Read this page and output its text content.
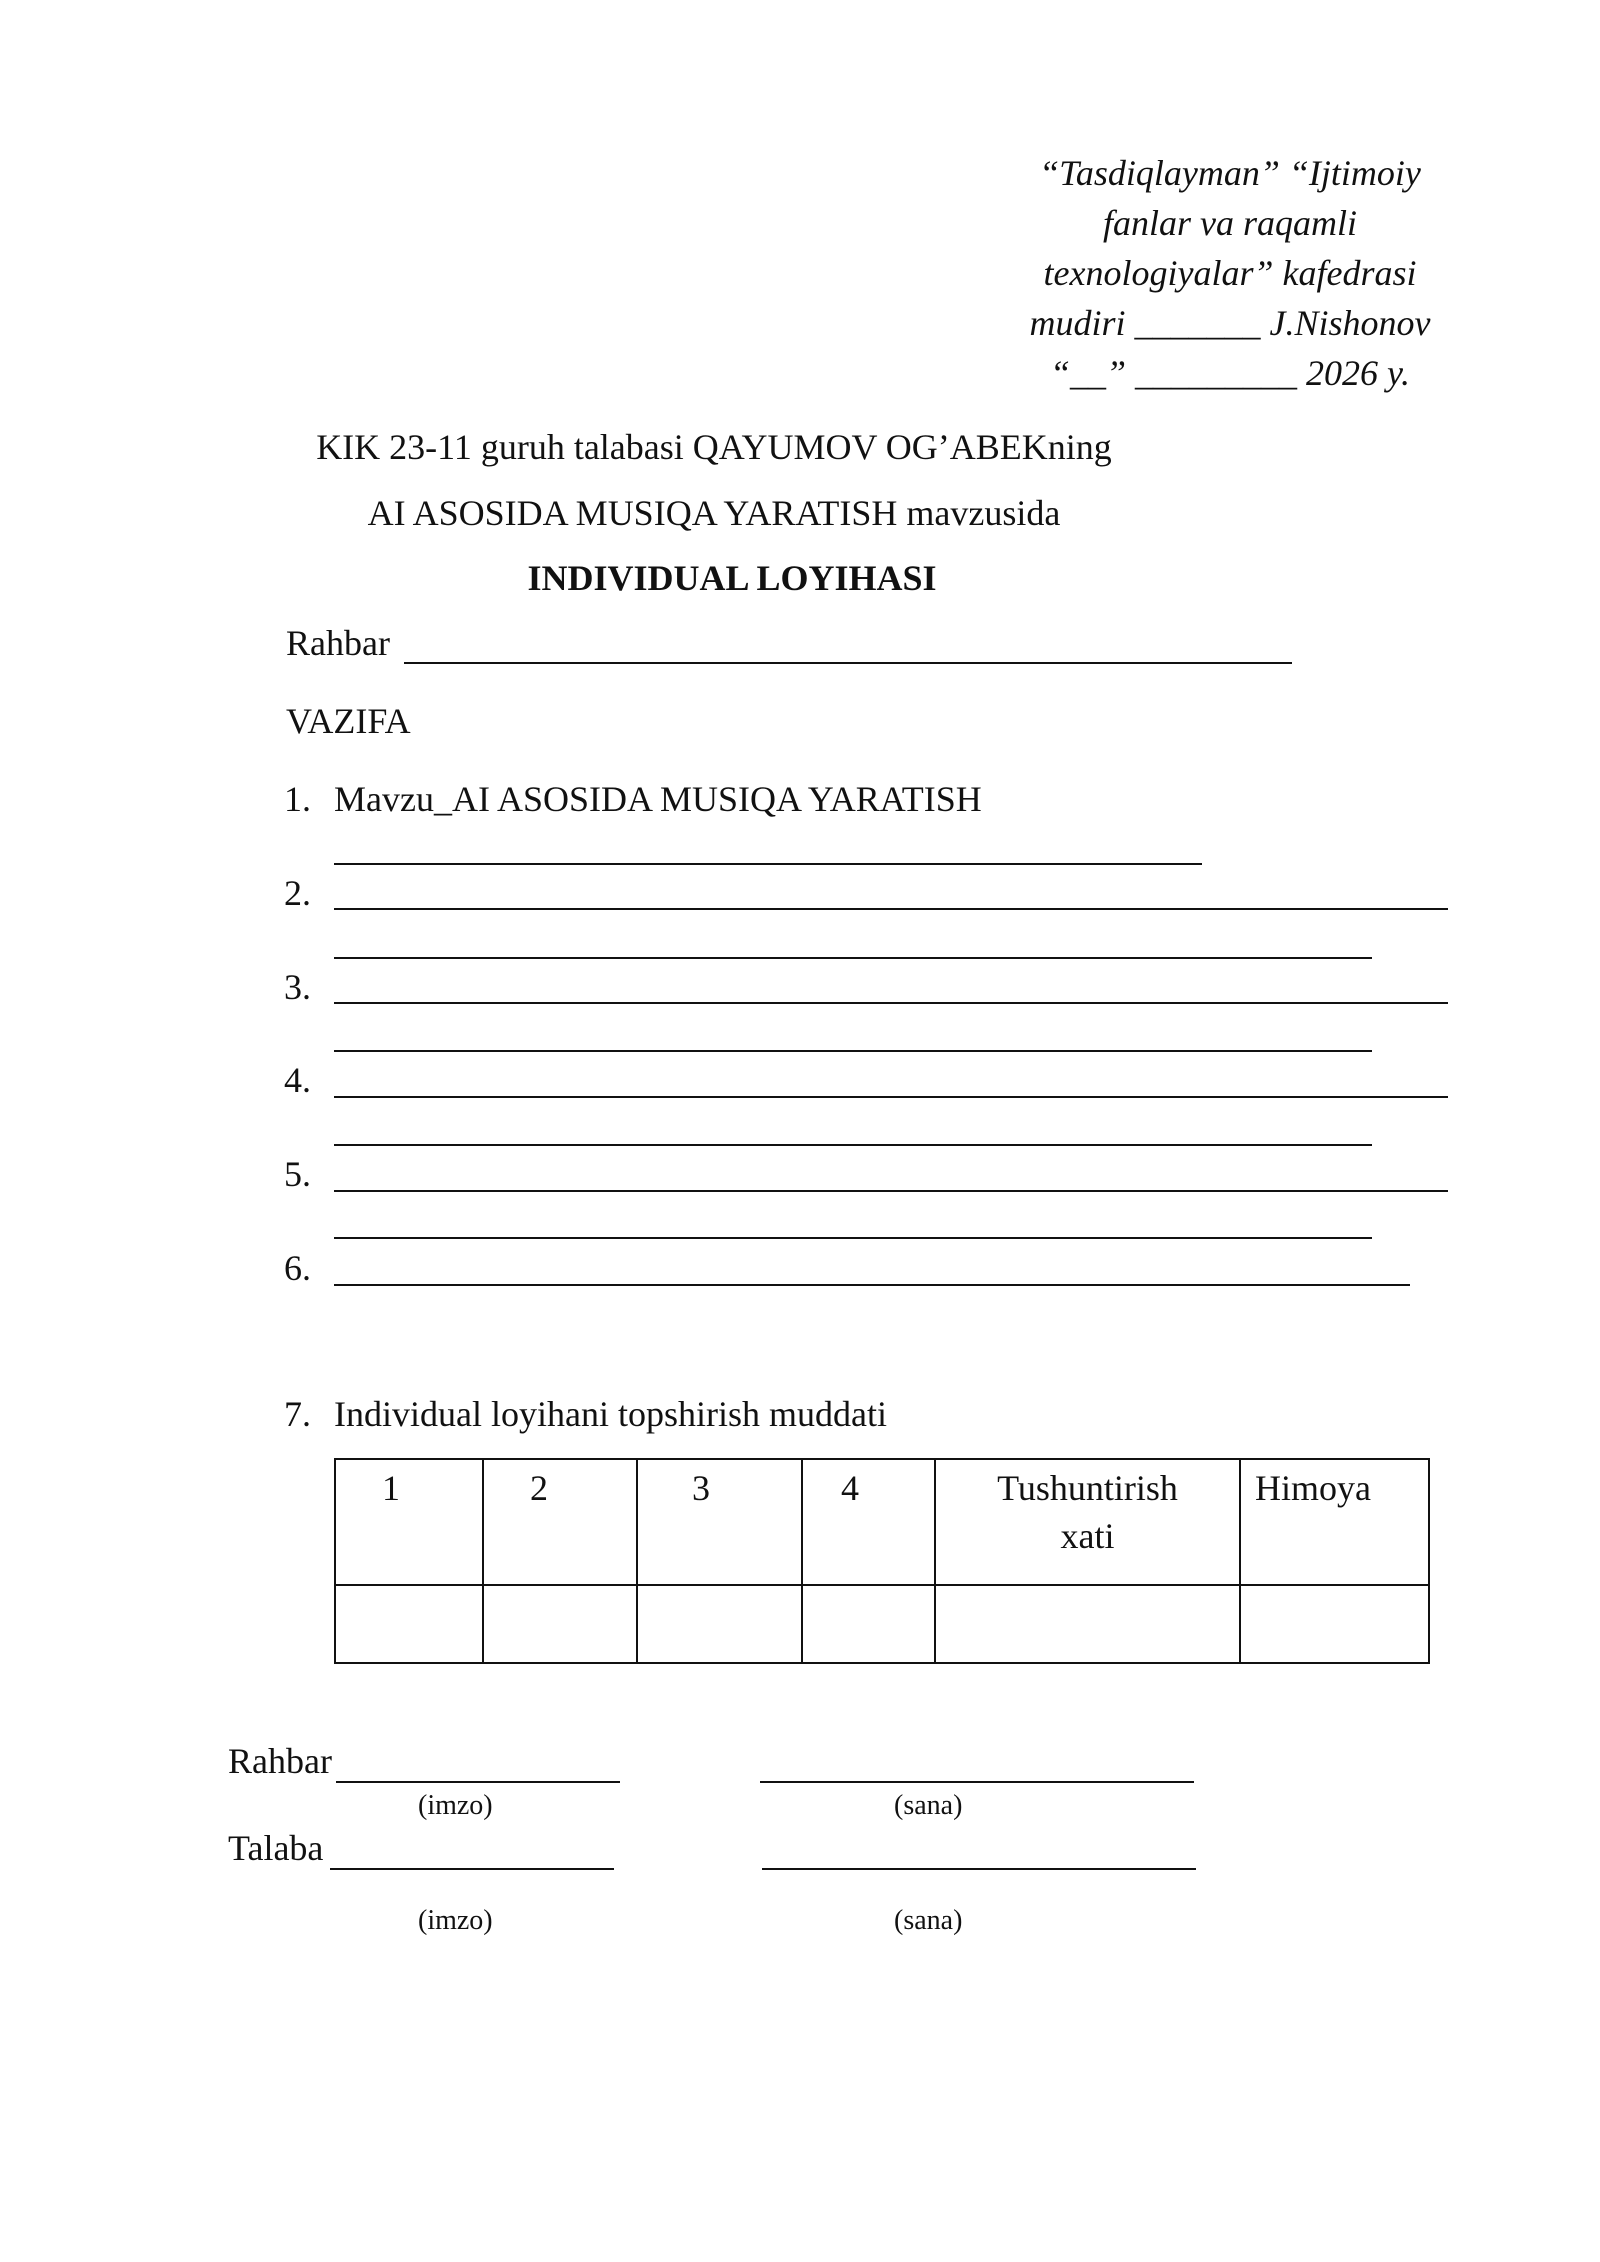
“Tasdiqlayman” “Ijtimoiy
fanlar va raqamli
texnologiyalar” kafedrasi
mudiri _______ J.Nishonov
“__” _________ 2026 y.
KIK 23-11 guruh talabasi QAYUMOV OG’ABEKning
AI ASOSIDA MUSIQA YARATISH mavzusida
INDIVIDUAL LOYIHASI
Rahbar
VAZIFA
1. Mavzu_AI ASOSIDA MUSIQA YARATISH
2.
3.
4.
5.
6.
7. Individual loyihani topshirish muddati
1	2	3	4	Tushuntirish xati	Himoya

Rahbar
(imzo)	(sana)
Talaba
(imzo)	(sana)
